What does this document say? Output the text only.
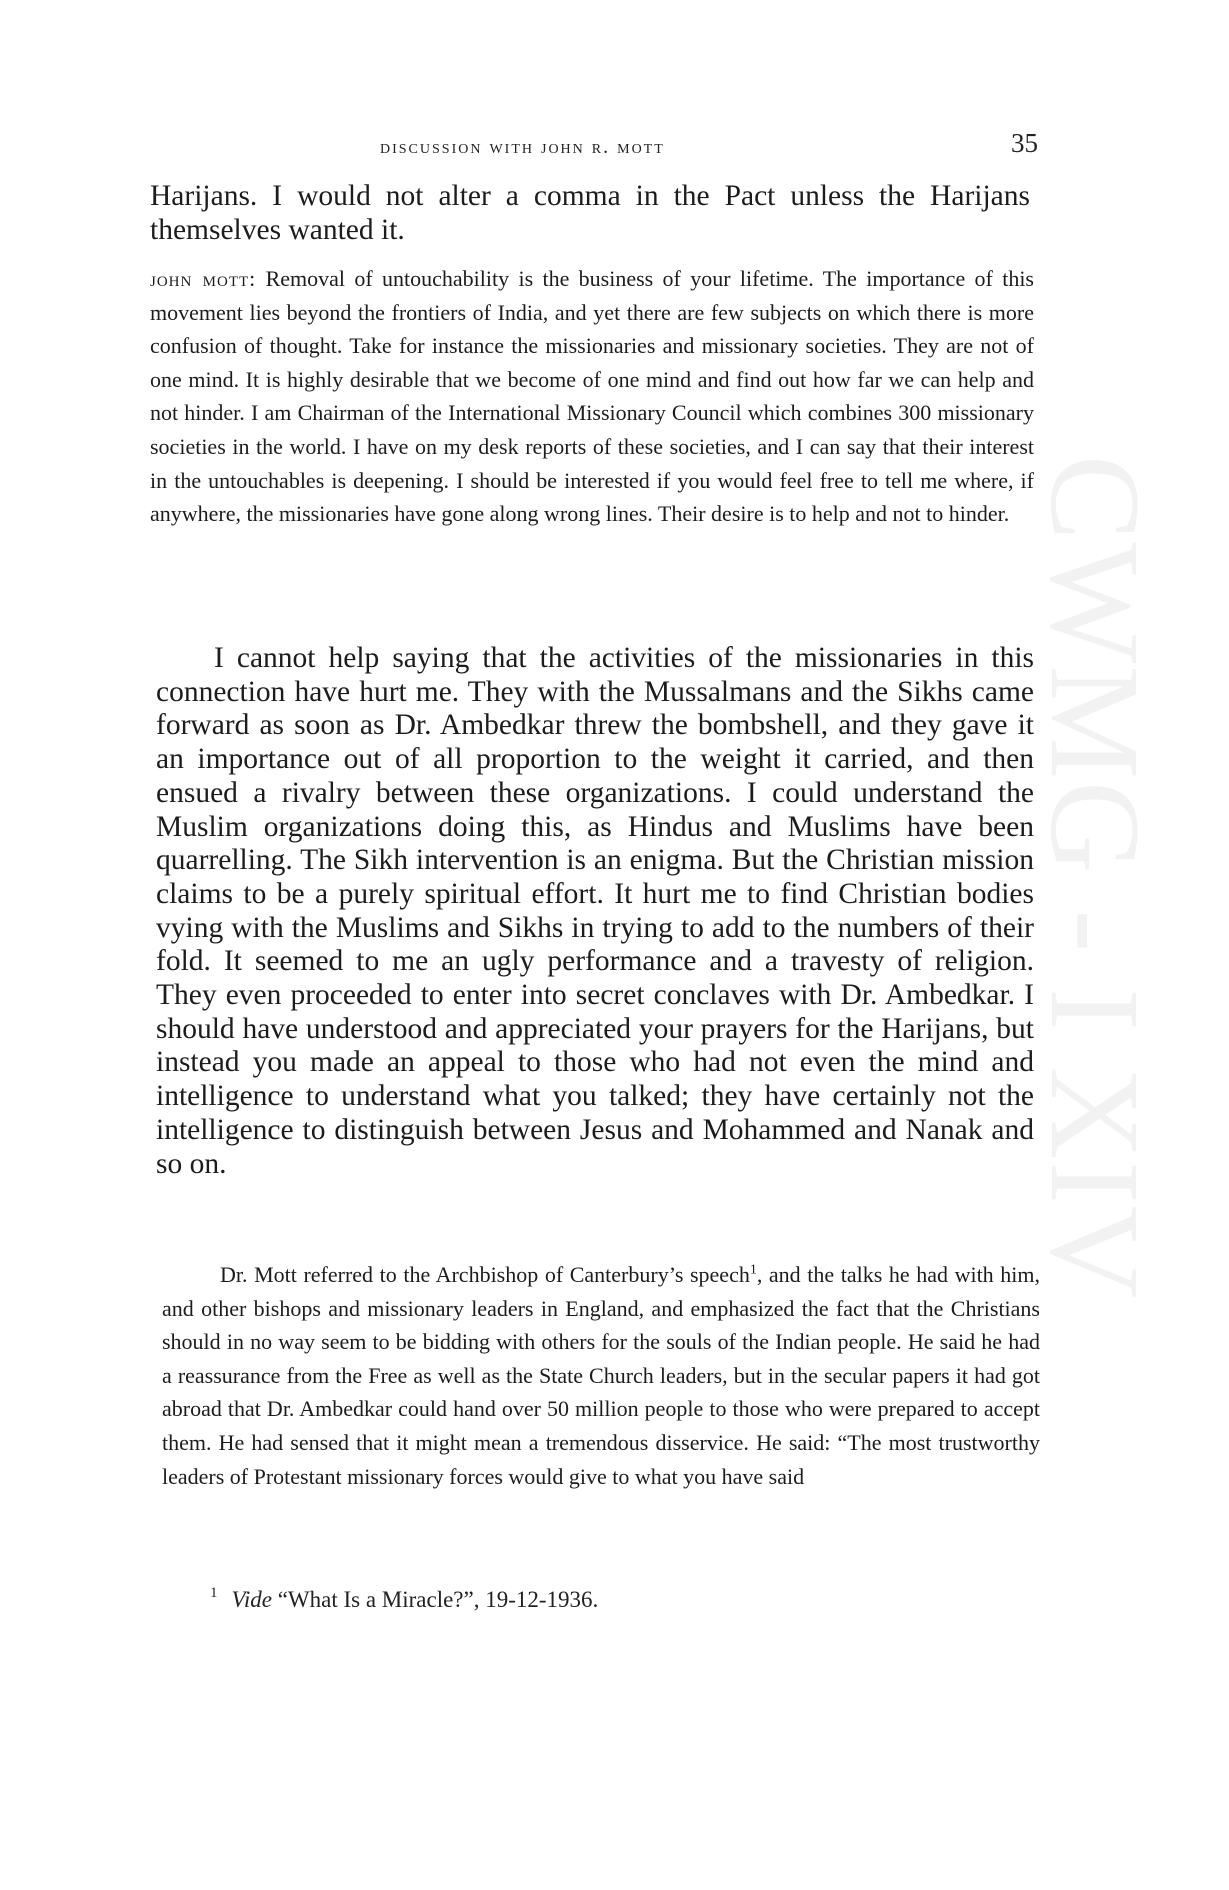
CWMG - I XIV
discussion with john r. mott	35

Harijans. I would not alter a comma in the Pact unless the Harijans themselves wanted it.

john mott: Removal of untouchability is the business of your lifetime. The importance of this movement lies beyond the frontiers of India, and yet there are few subjects on which there is more confusion of thought. Take for instance the missionaries and missionary societies. They are not of one mind. It is highly desirable that we become of one mind and find out how far we can help and not hinder. I am Chairman of the International Missionary Council which combines 300 missionary societies in the world. I have on my desk reports of these societies, and I can say that their interest in the untouchables is deepening. I should be interested if you would feel free to tell me where, if anywhere, the missionaries have gone along wrong lines. Their desire is to help and not to hinder.

I cannot help saying that the activities of the missionaries in this connection have hurt me. They with the Mussalmans and the Sikhs came forward as soon as Dr. Ambedkar threw the bombshell, and they gave it an importance out of all proportion to the weight it carried, and then ensued a rivalry between these organizations. I could understand the Muslim organizations doing this, as Hindus and Muslims have been quarrelling. The Sikh intervention is an enigma. But the Christian mission claims to be a purely spiritual effort. It hurt me to find Christian bodies vying with the Muslims and Sikhs in trying to add to the numbers of their fold. It seemed to me an ugly performance and a travesty of religion. They even proceeded to enter into secret conclaves with Dr. Ambedkar. I should have understood and appreciated your prayers for the Harijans, but instead you made an appeal to those who had not even the mind and intelligence to understand what you talked; they have certainly not the intelligence to distinguish between Jesus and Mohammed and Nanak and so on.

Dr. Mott referred to the Archbishop of Canterbury’s speech$^1$, and the talks he had with him, and other bishops and missionary leaders in England, and emphasized the fact that the Christians should in no way seem to be bidding with others for the souls of the Indian people. He said he had a reassurance from the Free as well as the State Church leaders, but in the secular papers it had got abroad that Dr. Ambedkar could hand over 50 million people to those who were prepared to accept them. He had sensed that it might mean a tremendous disservice. He said: “The most trustworthy leaders of Protestant missionary forces would give to what you have said

$^1$ Vide “What Is a Miracle?”, 19-12-1936.
